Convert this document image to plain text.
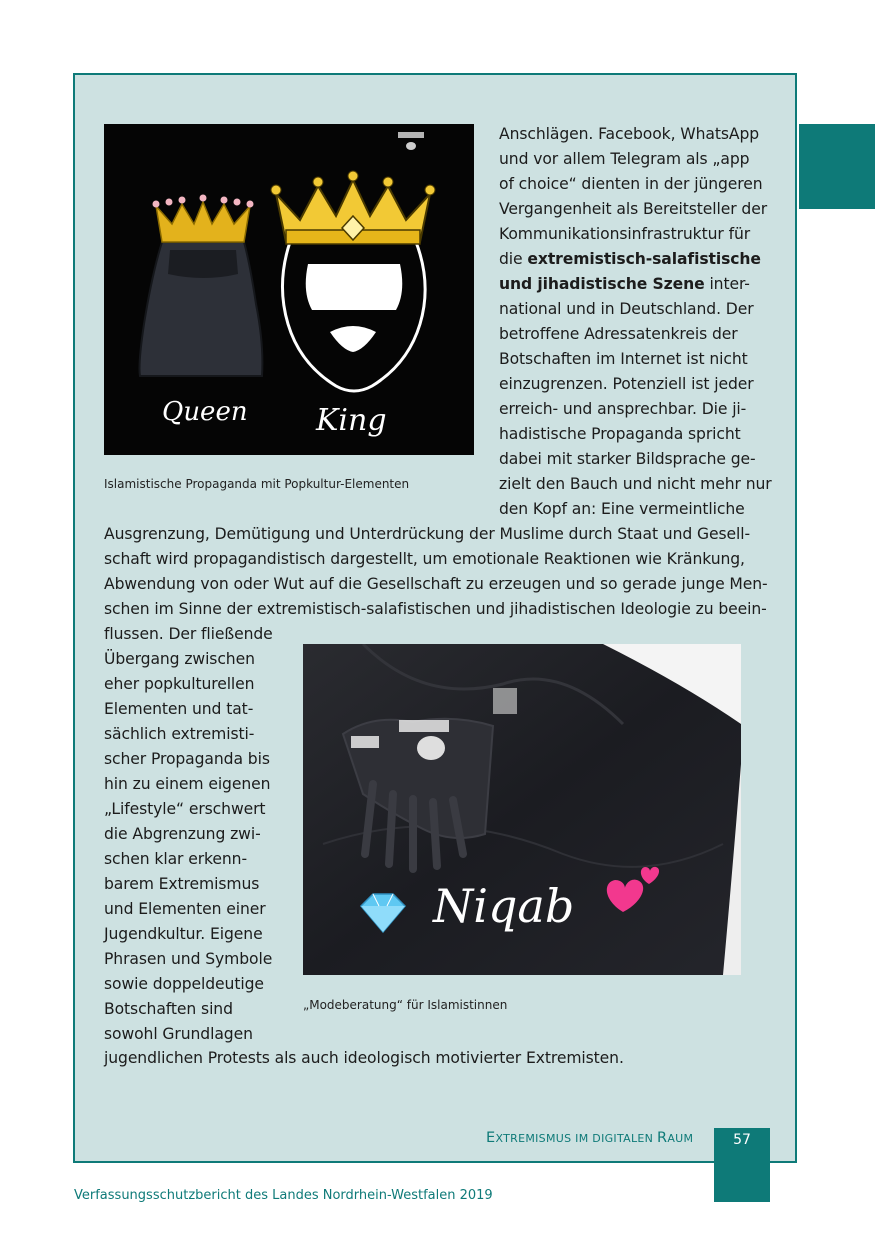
Queen King
Islamistische Propaganda mit Popkultur-Elementen
Anschlägen. Facebook, WhatsApp
und vor allem Telegram als „app
of choice“ dienten in der jüngeren
Vergangenheit als Bereitsteller der
Kommunikationsinfrastruktur für
die extremistisch-salafistische
und jihadistische Szene inter-
national und in Deutschland. Der
betroffene Adressatenkreis der
Botschaften im Internet ist nicht
einzugrenzen. Potenziell ist jeder
erreich- und ansprechbar. Die ji-
hadistische Propaganda spricht
dabei mit starker Bildsprache ge-
zielt den Bauch und nicht mehr nur
den Kopf an: Eine vermeintliche
Ausgrenzung, Demütigung und Unterdrückung der Muslime durch Staat und Gesell-
schaft wird propagandistisch dargestellt, um emotionale Reaktionen wie Kränkung,
Abwendung von oder Wut auf die Gesellschaft zu erzeugen und so gerade junge Men-
schen im Sinne der extremistisch-salafistischen und jihadistischen Ideologie zu beein-
flussen. Der fließende
Übergang zwischen
eher popkulturellen
Elementen und tat-
sächlich extremisti-
scher Propaganda bis
hin zu einem eigenen
„Lifestyle“ erschwert
die Abgrenzung zwi-
schen klar erkenn-
barem Extremismus
und Elementen einer
Jugendkultur. Eigene
Phrasen und Symbole
sowie doppeldeutige
Botschaften sind
sowohl Grundlagen
Niqab
„Modeberatung“ für Islamistinnen
jugendlichen Protests als auch ideologisch motivierter Extremisten.
EXTREMISMUS IM DIGITALEN RAUM	57
Verfassungsschutzbericht des Landes Nordrhein-Westfalen 2019
